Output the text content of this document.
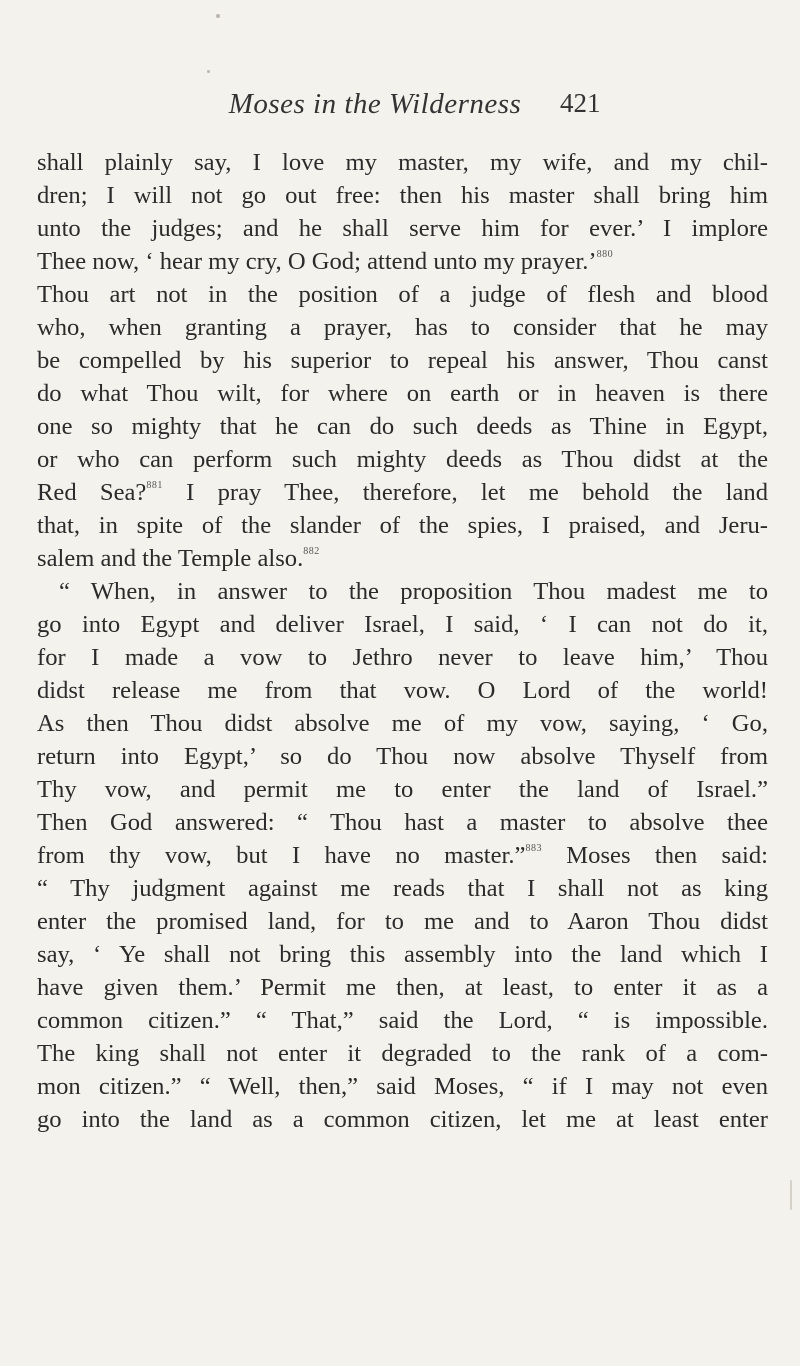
Moses in the Wilderness	421
shall plainly say, I love my master, my wife, and my chil-
dren; I will not go out free: then his master shall bring him
unto the judges; and he shall serve him for ever.’ I implore
Thee now, ‘ hear my cry, O God; attend unto my prayer.’$^{880}$
Thou art not in the position of a judge of flesh and blood
who, when granting a prayer, has to consider that he may
be compelled by his superior to repeal his answer, Thou canst
do what Thou wilt, for where on earth or in heaven is there
one so mighty that he can do such deeds as Thine in Egypt,
or who can perform such mighty deeds as Thou didst at the
Red Sea?$^{881}$ I pray Thee, therefore, let me behold the land
that, in spite of the slander of the spies, I praised, and Jeru-
salem and the Temple also.$^{882}$
“ When, in answer to the proposition Thou madest me to
go into Egypt and deliver Israel, I said, ‘ I can not do it,
for I made a vow to Jethro never to leave him,’ Thou
didst release me from that vow. O Lord of the world!
As then Thou didst absolve me of my vow, saying, ‘ Go,
return into Egypt,’ so do Thou now absolve Thyself from
Thy vow, and permit me to enter the land of Israel.”
Then God answered: “ Thou hast a master to absolve thee
from thy vow, but I have no master.”$^{883}$ Moses then said:
“ Thy judgment against me reads that I shall not as king
enter the promised land, for to me and to Aaron Thou didst
say, ‘ Ye shall not bring this assembly into the land which I
have given them.’ Permit me then, at least, to enter it as a
common citizen.” “ That,” said the Lord, “ is impossible.
The king shall not enter it degraded to the rank of a com-
mon citizen.” “ Well, then,” said Moses, “ if I may not even
go into the land as a common citizen, let me at least enter
